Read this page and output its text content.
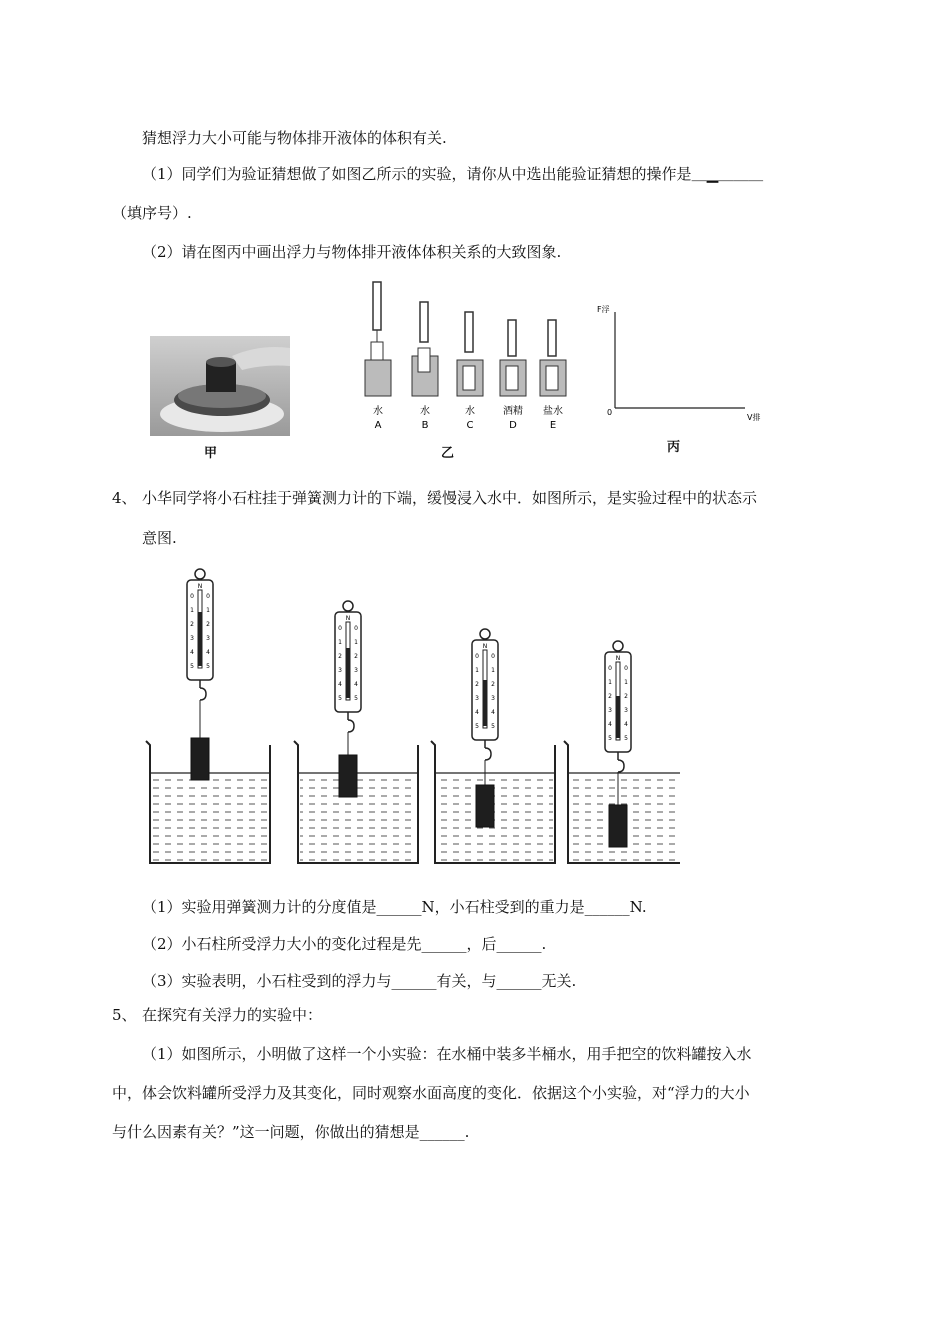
猜想浮力大小可能与物体排开液体的体积有关.
（1）同学们为验证猜想做了如图乙所示的实验，请你从中选出能验证猜想的操作是＿▁＿＿＿
（填序号）.
（2）请在图丙中画出浮力与物体排开液体体积关系的大致图象.
甲
水
A
水
B
水
C
酒精
D
盐水
E
乙
F浮
V排
0
丙
4、 小华同学将小石柱挂于弹簧测力计的下端，缓慢浸入水中．如图所示，是实验过程中的状态示
意图.
N
0 0
1 1
2 2
3 3
4 4
5 5
N
0 0
1 1
2 2
3 3
4 4
5 5
N
0 0
1 1
2 2
3 3
4 4
5 5
N
0 0
1 1
2 2
3 3
4 4
5 5
（1）实验用弹簧测力计的分度值是______N，小石柱受到的重力是______N.
（2）小石柱所受浮力大小的变化过程是先______，后______.
（3）实验表明，小石柱受到的浮力与______有关，与______无关.
5、 在探究有关浮力的实验中：
（1）如图所示，小明做了这样一个小实验：在水桶中装多半桶水，用手把空的饮料罐按入水
中，体会饮料罐所受浮力及其变化，同时观察水面高度的变化．依据这个小实验，对“浮力的大小
与什么因素有关？”这一问题，你做出的猜想是______.
